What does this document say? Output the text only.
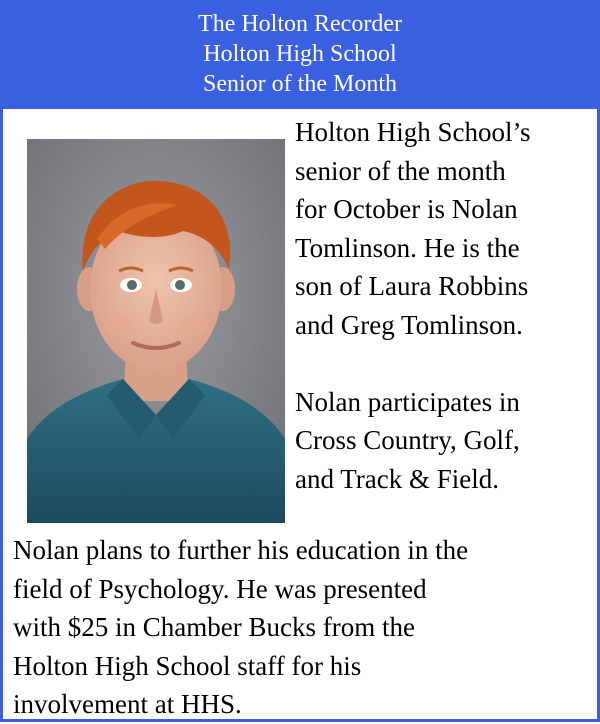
The Holton Recorder
Holton High School
Senior of the Month

Holton High School’s

senior of the month

for October is Nolan

Tomlinson. He is the

son of Laura Robbins

and Greg Tomlinson.

Nolan participates in

Cross Country, Golf,

and Track & Field.

Nolan plans to further his education in the

field of Psychology. He was presented

with $25 in Chamber Bucks from the

Holton High School staff for his

involvement at HHS.
